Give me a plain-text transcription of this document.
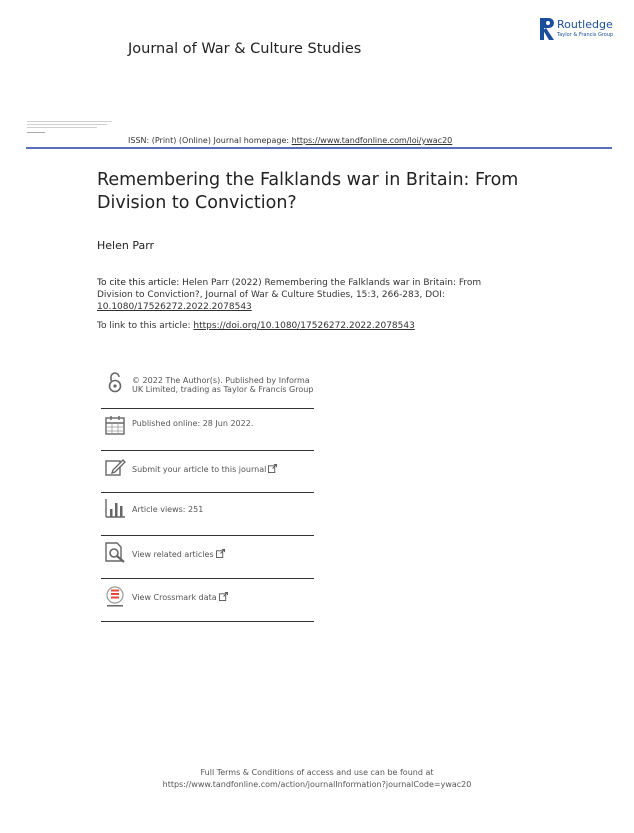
Journal of War & Culture Studies
Routledge
Taylor & Francis Group
ISSN: (Print) (Online) Journal homepage: https://www.tandfonline.com/loi/ywac20
Remembering the Falklands war in Britain: From Division to Conviction?
Helen Parr
To cite this article: Helen Parr (2022) Remembering the Falklands war in Britain: From Division to Conviction?, Journal of War & Culture Studies, 15:3, 266-283, DOI: 10.1080/17526272.2022.2078543
To link to this article: https://doi.org/10.1080/17526272.2022.2078543
© 2022 The Author(s). Published by Informa UK Limited, trading as Taylor & Francis Group
Published online: 28 Jun 2022.
Submit your article to this journal
Article views: 251
View related articles
View Crossmark data
Full Terms & Conditions of access and use can be found at
https://www.tandfonline.com/action/journalInformation?journalCode=ywac20
